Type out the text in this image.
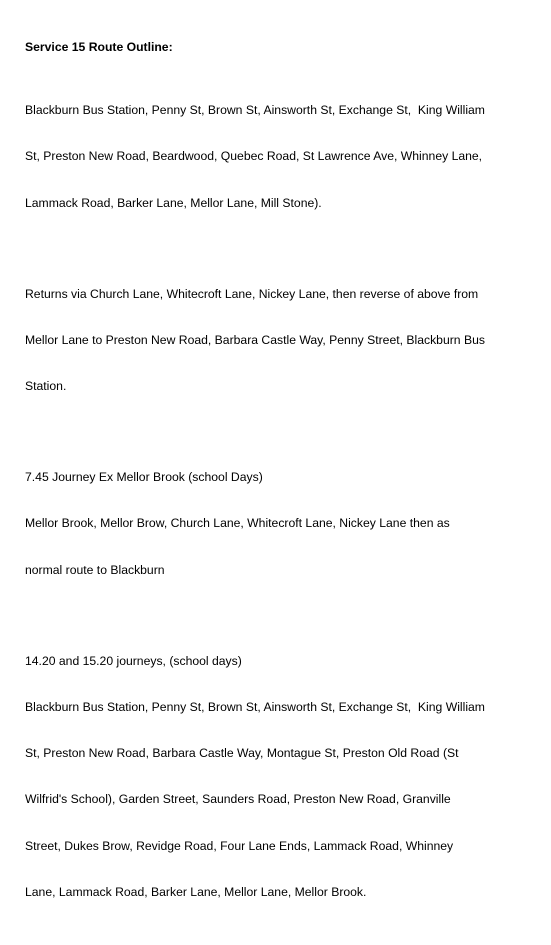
Service 15 Route Outline:

Blackburn Bus Station, Penny St, Brown St, Ainsworth St, Exchange St,  King William

St, Preston New Road, Beardwood, Quebec Road, St Lawrence Ave, Whinney Lane,

Lammack Road, Barker Lane, Mellor Lane, Mill Stone).

Returns via Church Lane, Whitecroft Lane, Nickey Lane, then reverse of above from

Mellor Lane to Preston New Road, Barbara Castle Way, Penny Street, Blackburn Bus

Station.

7.45 Journey Ex Mellor Brook (school Days)

Mellor Brook, Mellor Brow, Church Lane, Whitecroft Lane, Nickey Lane then as

normal route to Blackburn

14.20 and 15.20 journeys, (school days)

Blackburn Bus Station, Penny St, Brown St, Ainsworth St, Exchange St,  King William

St, Preston New Road, Barbara Castle Way, Montague St, Preston Old Road (St

Wilfrid's School), Garden Street, Saunders Road, Preston New Road, Granville

Street, Dukes Brow, Revidge Road, Four Lane Ends, Lammack Road, Whinney

Lane, Lammack Road, Barker Lane, Mellor Lane, Mellor Brook.
